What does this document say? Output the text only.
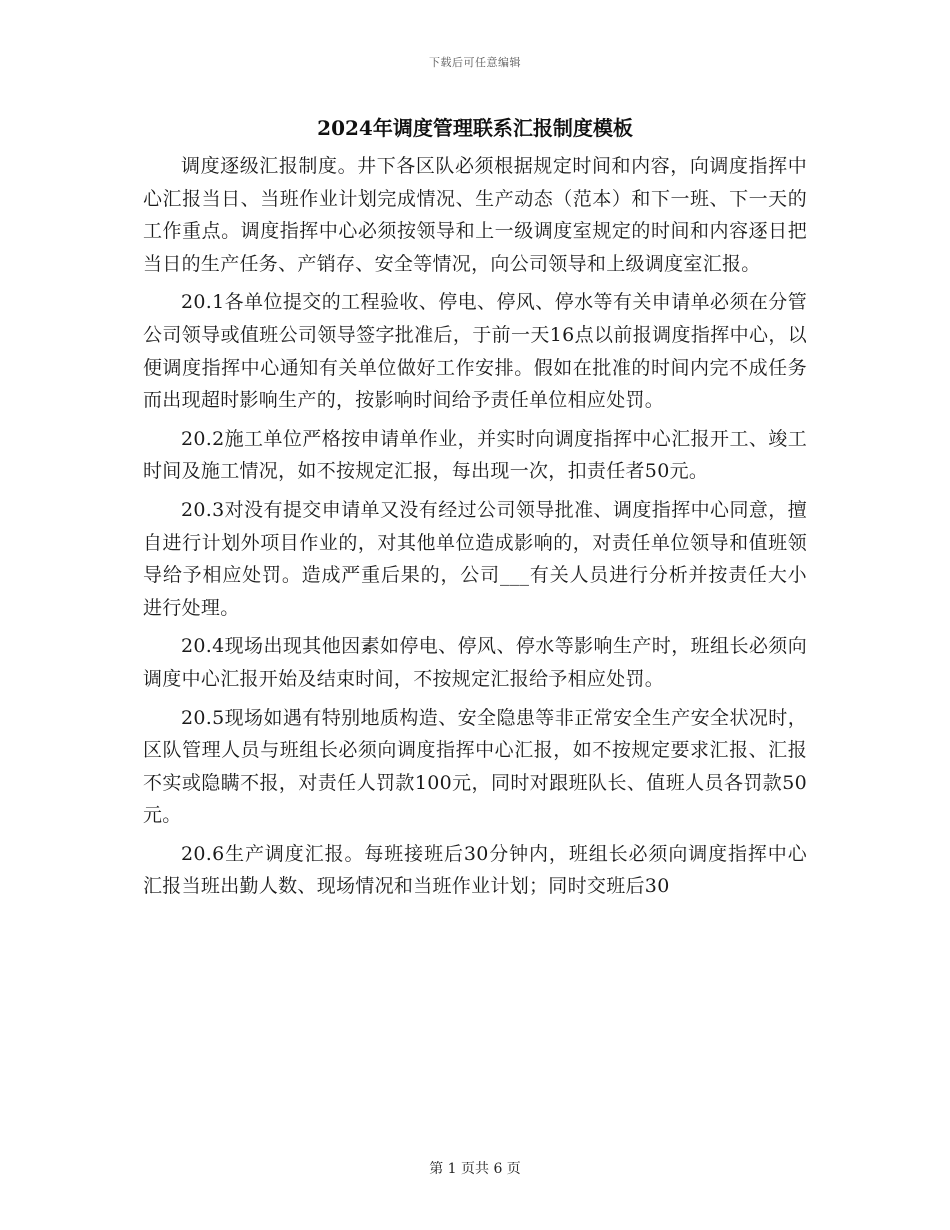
下载后可任意编辑
2024年调度管理联系汇报制度模板

调度逐级汇报制度。井下各区队必须根据规定时间和内容，向调度指挥中心汇报当日、当班作业计划完成情况、生产动态（范本）和下一班、下一天的工作重点。调度指挥中心必须按领导和上一级调度室规定的时间和内容逐日把当日的生产任务、产销存、安全等情况，向公司领导和上级调度室汇报。

20.1各单位提交的工程验收、停电、停风、停水等有关申请单必须在分管公司领导或值班公司领导签字批准后，于前一天16点以前报调度指挥中心，以便调度指挥中心通知有关单位做好工作安排。假如在批准的时间内完不成任务而出现超时影响生产的，按影响时间给予责任单位相应处罚。

20.2施工单位严格按申请单作业，并实时向调度指挥中心汇报开工、竣工时间及施工情况，如不按规定汇报，每出现一次，扣责任者50元。

20.3对没有提交申请单又没有经过公司领导批准、调度指挥中心同意，擅自进行计划外项目作业的，对其他单位造成影响的，对责任单位领导和值班领导给予相应处罚。造成严重后果的，公司___有关人员进行分析并按责任大小进行处理。

20.4现场出现其他因素如停电、停风、停水等影响生产时，班组长必须向调度中心汇报开始及结束时间，不按规定汇报给予相应处罚。

20.5现场如遇有特别地质构造、安全隐患等非正常安全生产安全状况时，区队管理人员与班组长必须向调度指挥中心汇报，如不按规定要求汇报、汇报不实或隐瞒不报，对责任人罚款100元，同时对跟班队长、值班人员各罚款50元。

20.6生产调度汇报。每班接班后30分钟内，班组长必须向调度指挥中心汇报当班出勤人数、现场情况和当班作业计划；同时交班后30

第 1 页共 6 页
